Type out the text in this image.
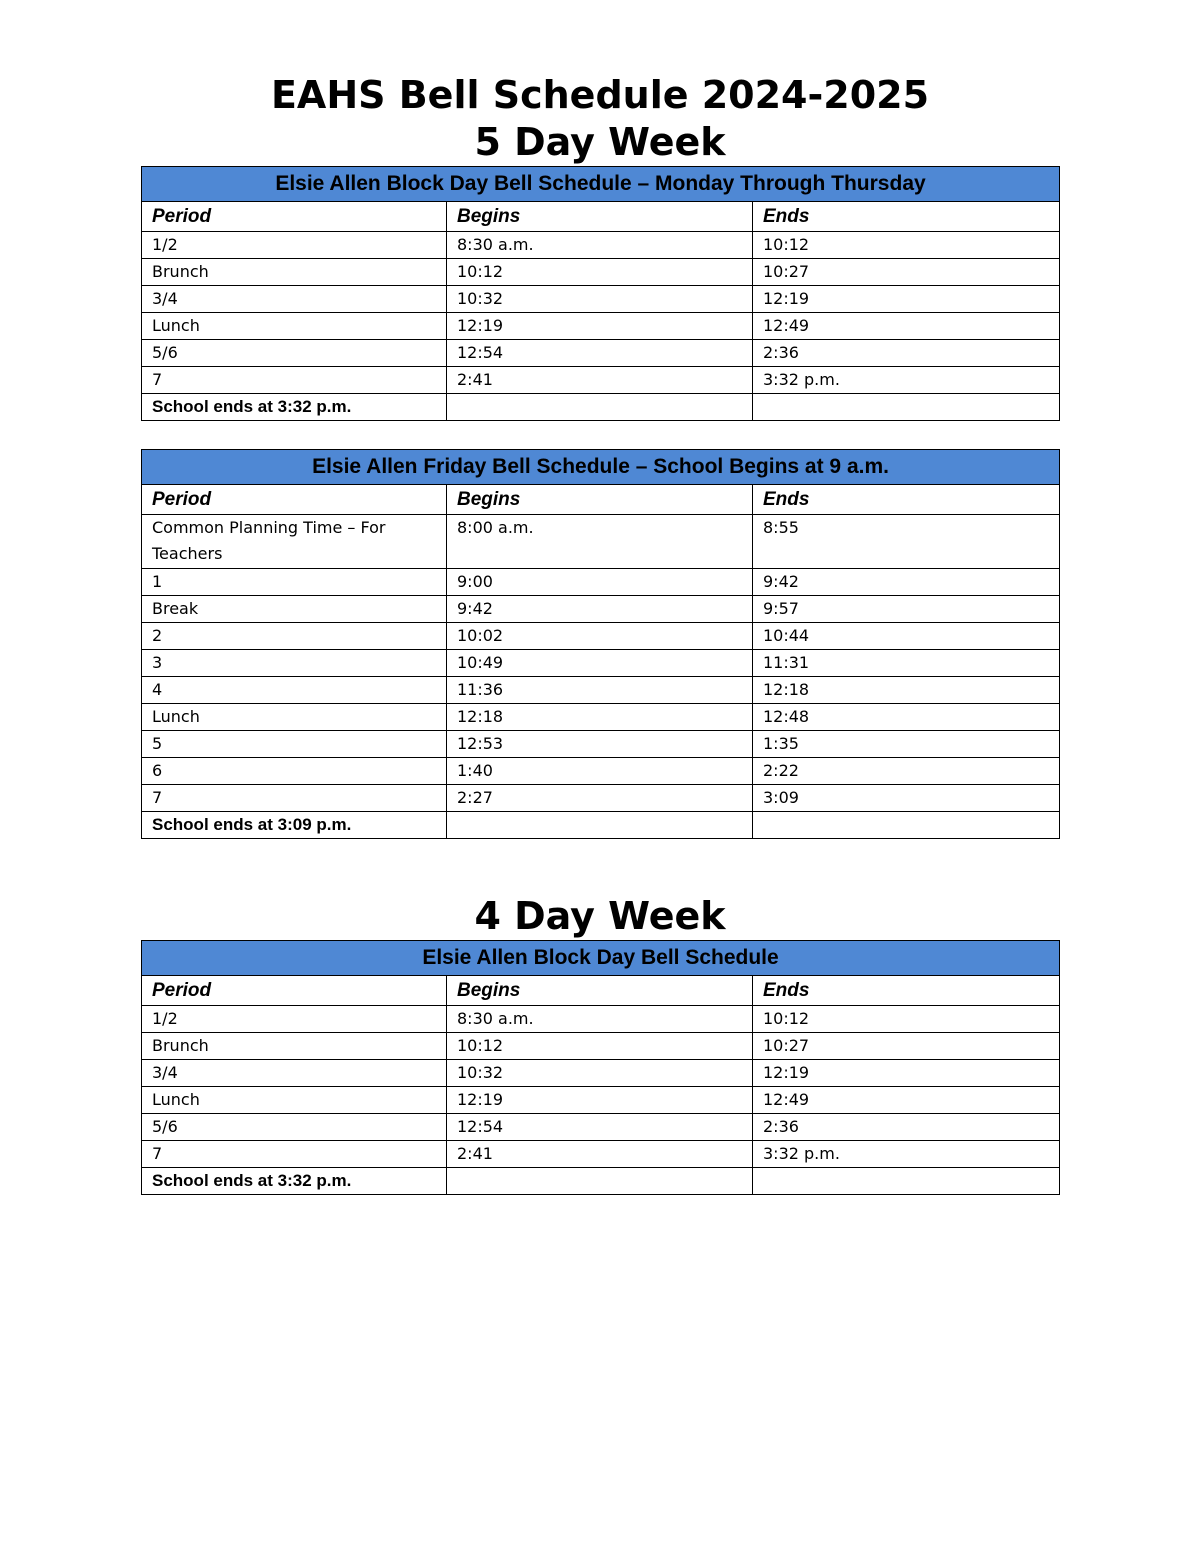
EAHS Bell Schedule 2024-2025
5 Day Week
Elsie Allen Block Day Bell Schedule – Monday Through Thursday		
Period	Begins	Ends
1/2	8:30 a.m.	10:12
Brunch	10:12	10:27
3/4	10:32	12:19
Lunch	12:19	12:49
5/6	12:54	2:36
7	2:41	3:32 p.m.
School ends at 3:32 p.m.		
Elsie Allen Friday Bell Schedule – School Begins at 9 a.m.		
Period	Begins	Ends
Common Planning Time – For Teachers	8:00 a.m.	8:55
1	9:00	9:42
Break	9:42	9:57
2	10:02	10:44
3	10:49	11:31
4	11:36	12:18
Lunch	12:18	12:48
5	12:53	1:35
6	1:40	2:22
7	2:27	3:09
School ends at 3:09 p.m.		
4 Day Week
Elsie Allen Block Day Bell Schedule		
Period	Begins	Ends
1/2	8:30 a.m.	10:12
Brunch	10:12	10:27
3/4	10:32	12:19
Lunch	12:19	12:49
5/6	12:54	2:36
7	2:41	3:32 p.m.
School ends at 3:32 p.m.		
